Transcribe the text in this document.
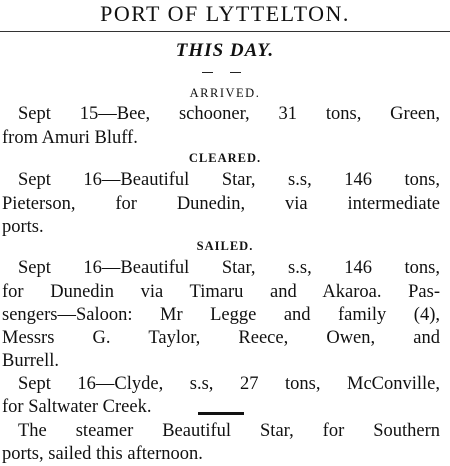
PORT OF LYTTELTON.
THIS DAY.
ARRIVED.
Sept 15—Bee, schooner, 31 tons, Green,
from Amuri Bluff.
CLEARED.
Sept 16—Beautiful Star, s.s, 146 tons,
Pieterson, for Dunedin, via intermediate
ports.
SAILED.
Sept 16—Beautiful Star, s.s, 146 tons,
for Dunedin via Timaru and Akaroa. Pas-
sengers—Saloon: Mr Legge and family (4),
Messrs G. Taylor, Reece, Owen, and
Burrell.
Sept 16—Clyde, s.s, 27 tons, McConville,
for Saltwater Creek.
The steamer Beautiful Star, for Southern
ports, sailed this afternoon.
